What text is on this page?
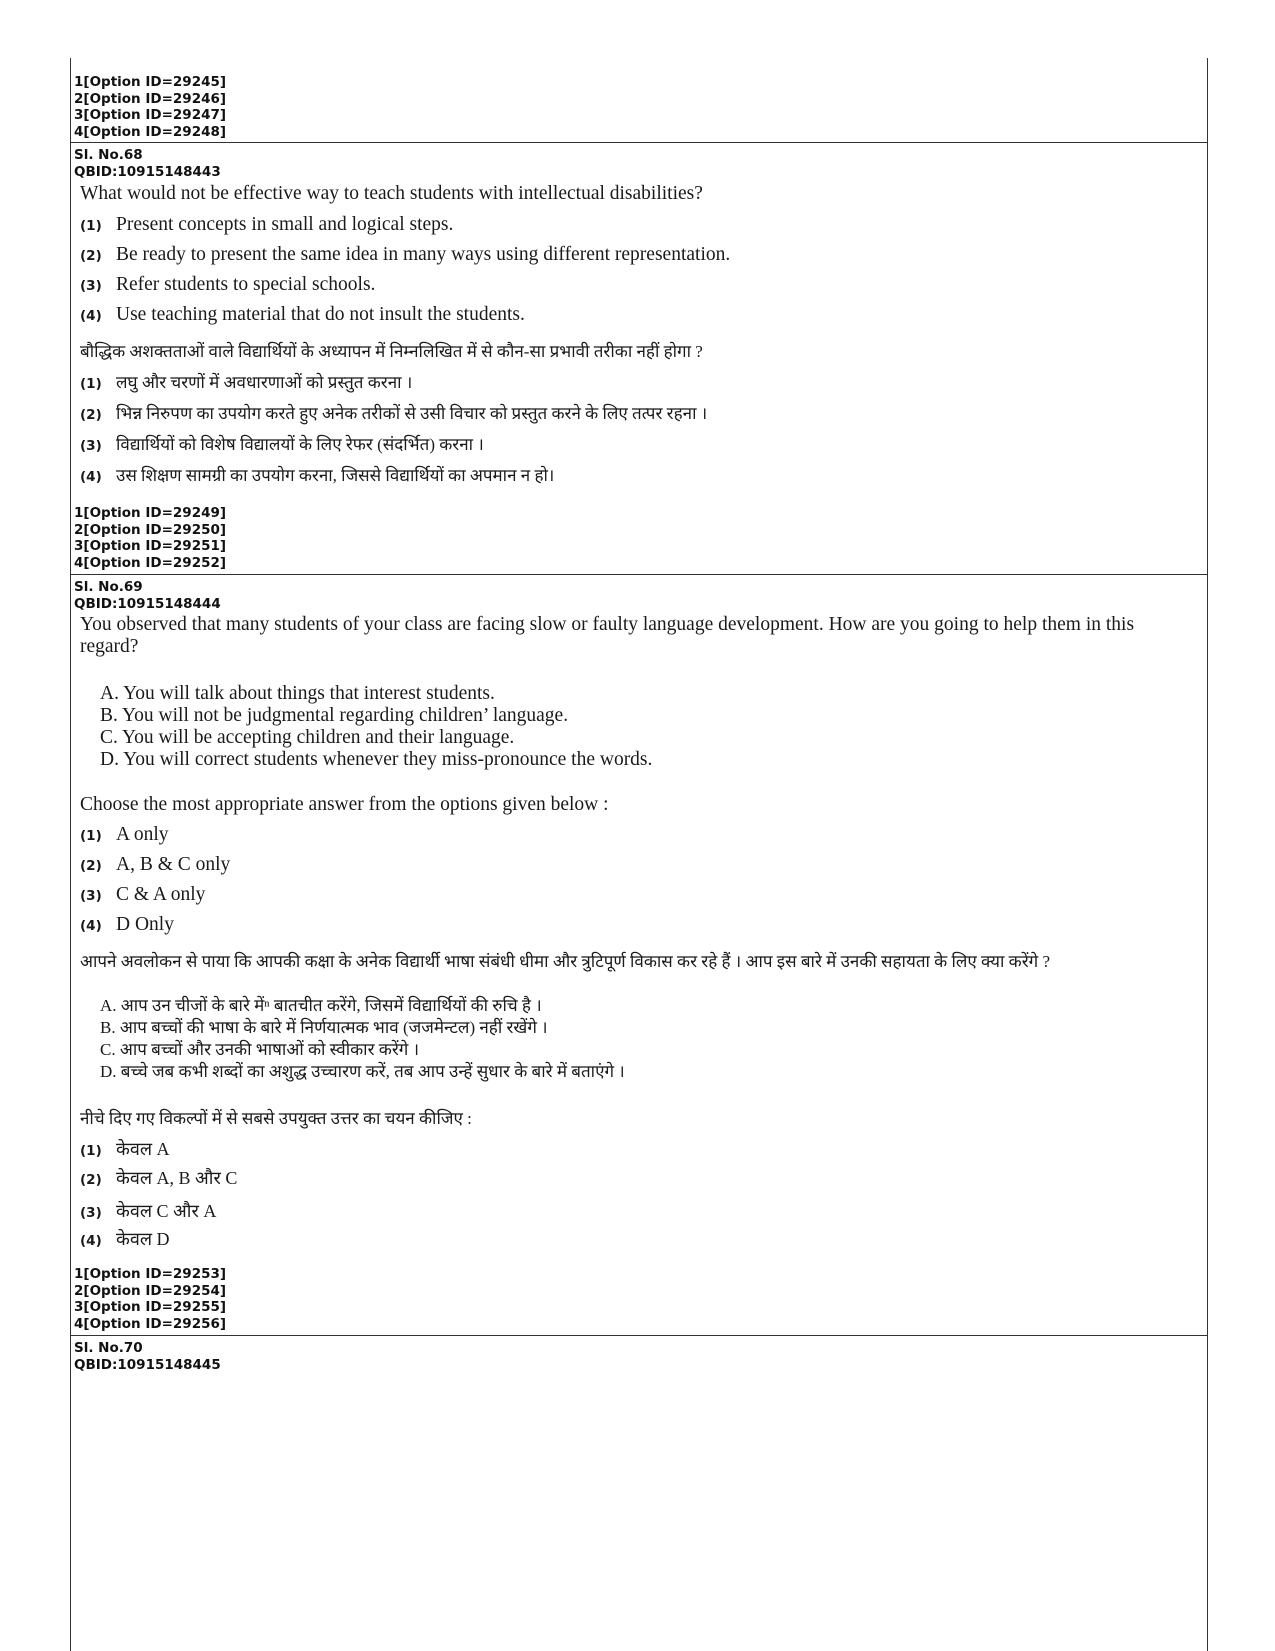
1[Option ID=29245]
2[Option ID=29246]
3[Option ID=29247]
4[Option ID=29248]
Sl. No.68
QBID:10915148443
What would not be effective way to teach students with intellectual disabilities?
(1) Present concepts in small and logical steps.
(2) Be ready to present the same idea in many ways using different representation.
(3) Refer students to special schools.
(4) Use teaching material that do not insult the students.
बौद्धिक अशक्तताओं वाले विद्यार्थियों के अध्यापन में निम्नलिखित में से कौन-सा प्रभावी तरीका नहीं होगा ?
(1) लघु और चरणों में अवधारणाओं को प्रस्तुत करना ।
(2) भिन्न निरुपण का उपयोग करते हुए अनेक तरीकों से उसी विचार को प्रस्तुत करने के लिए तत्पर रहना ।
(3) विद्यार्थियों को विशेष विद्यालयों के लिए रेफर (संदर्भित) करना ।
(4) उस शिक्षण सामग्री का उपयोग करना, जिससे विद्यार्थियों का अपमान न हो।
1[Option ID=29249]
2[Option ID=29250]
3[Option ID=29251]
4[Option ID=29252]
Sl. No.69
QBID:10915148444
You observed that many students of your class are facing slow or faulty language development. How are you going to help them in this
regard?
A. You will talk about things that interest students.
B. You will not be judgmental regarding children’ language.
C. You will be accepting children and their language.
D. You will correct students whenever they miss-pronounce the words.
Choose the most appropriate answer from the options given below :
(1) A only
(2) A, B & C only
(3) C & A only
(4) D Only
आपने अवलोकन से पाया कि आपकी कक्षा के अनेक विद्यार्थी भाषा संबंधी धीमा और त्रुटिपूर्ण विकास कर रहे हैं । आप इस बारे में उनकी सहायता के लिए क्या करेंगे ?
A. आप उन चीजों के बारे मेंⁿ बातचीत करेंगे, जिसमें विद्यार्थियों की रुचि है ।
B. आप बच्चों की भाषा के बारे में निर्णयात्मक भाव (जजमेन्टल) नहीं रखेंगे ।
C. आप बच्चों और उनकी भाषाओं को स्वीकार करेंगे ।
D. बच्चे जब कभी शब्दों का अशुद्ध उच्चारण करें, तब आप उन्हें सुधार के बारे में बताएंगे ।
नीचे दिए गए विकल्पों में से सबसे उपयुक्त उत्तर का चयन कीजिए :
(1) केवल A
(2) केवल A, B और C
(3) केवल C और A
(4) केवल D
1[Option ID=29253]
2[Option ID=29254]
3[Option ID=29255]
4[Option ID=29256]
Sl. No.70
QBID:10915148445
